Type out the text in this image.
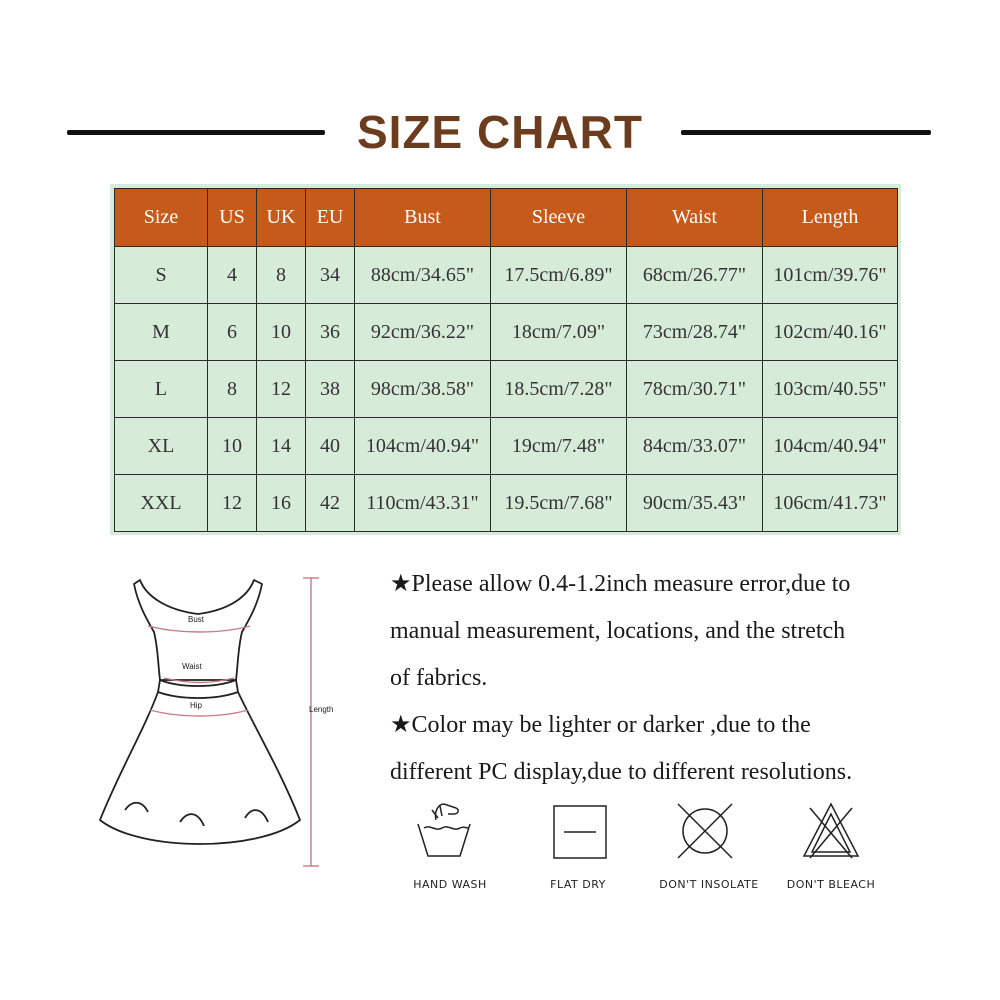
SIZE CHART
Size	US	UK	EU	Bust	Sleeve	Waist	Length
S	4	8	34	88cm/34.65"	17.5cm/6.89"	68cm/26.77"	101cm/39.76"
M	6	10	36	92cm/36.22"	18cm/7.09"	73cm/28.74"	102cm/40.16"
L	8	12	38	98cm/38.58"	18.5cm/7.28"	78cm/30.71"	103cm/40.55"
XL	10	14	40	104cm/40.94"	19cm/7.48"	84cm/33.07"	104cm/40.94"
XXL	12	16	42	110cm/43.31"	19.5cm/7.68"	90cm/35.43"	106cm/41.73"
Bust
Waist
Hip	Length

★Please allow 0.4-1.2inch measure error,due to

manual measurement, locations, and the stretch

of fabrics.

★Color may be lighter or darker ,due to the

different PC display,due to different resolutions.

HAND WASH	FLAT DRY	DON'T INSOLATE	DON'T BLEACH
